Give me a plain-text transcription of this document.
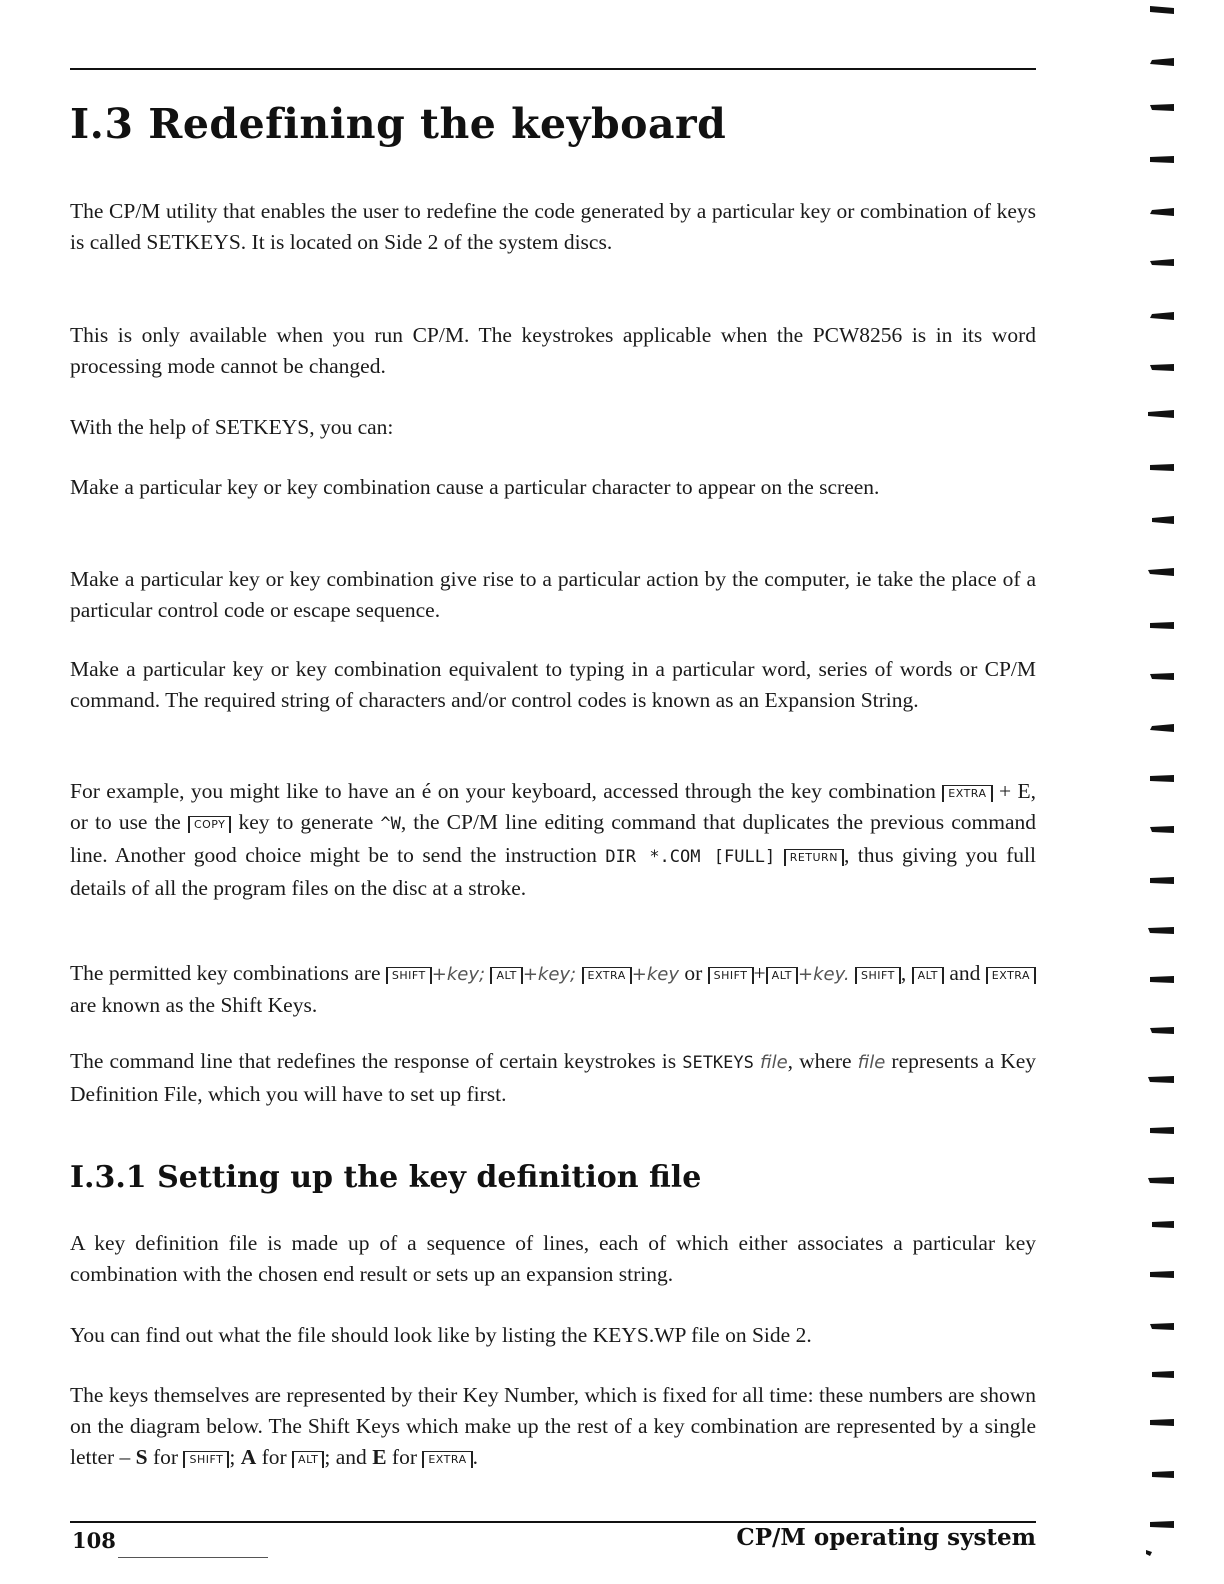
I.3 Redefining the keyboard

The CP/M utility that enables the user to redefine the code generated by a particular key or combination of keys is called SETKEYS. It is located on Side 2 of the system discs.

This is only available when you run CP/M. The keystrokes applicable when the PCW8256 is in its word processing mode cannot be changed.

With the help of SETKEYS, you can:

Make a particular key or key combination cause a particular character to appear on the screen.

Make a particular key or key combination give rise to a particular action by the computer, ie take the place of a particular control code or escape sequence.

Make a particular key or key combination equivalent to typing in a particular word, series of words or CP/M command. The required string of characters and/or control codes is known as an Expansion String.

For example, you might like to have an é on your keyboard, accessed through the key combination EXTRA + E, or to use the COPY key to generate ^W, the CP/M line editing command that duplicates the previous command line. Another good choice might be to send the instruction DIR *.COM [FULL] RETURN , thus giving you full details of all the program files on the disc at a stroke.

The permitted key combinations are SHIFT +key; ALT +key; EXTRA +key or SHIFT + ALT +key. SHIFT , ALT and EXTRA are known as the Shift Keys.

The command line that redefines the response of certain keystrokes is SETKEYS file, where file represents a Key Definition File, which you will have to set up first.

I.3.1 Setting up the key definition file

A key definition file is made up of a sequence of lines, each of which either associates a particular key combination with the chosen end result or sets up an expansion string.

You can find out what the file should look like by listing the KEYS.WP file on Side 2.

The keys themselves are represented by their Key Number, which is fixed for all time: these numbers are shown on the diagram below. The Shift Keys which make up the rest of a key combination are represented by a single letter – S for SHIFT ; A for ALT ; and E for EXTRA .

108	CP/M operating system
